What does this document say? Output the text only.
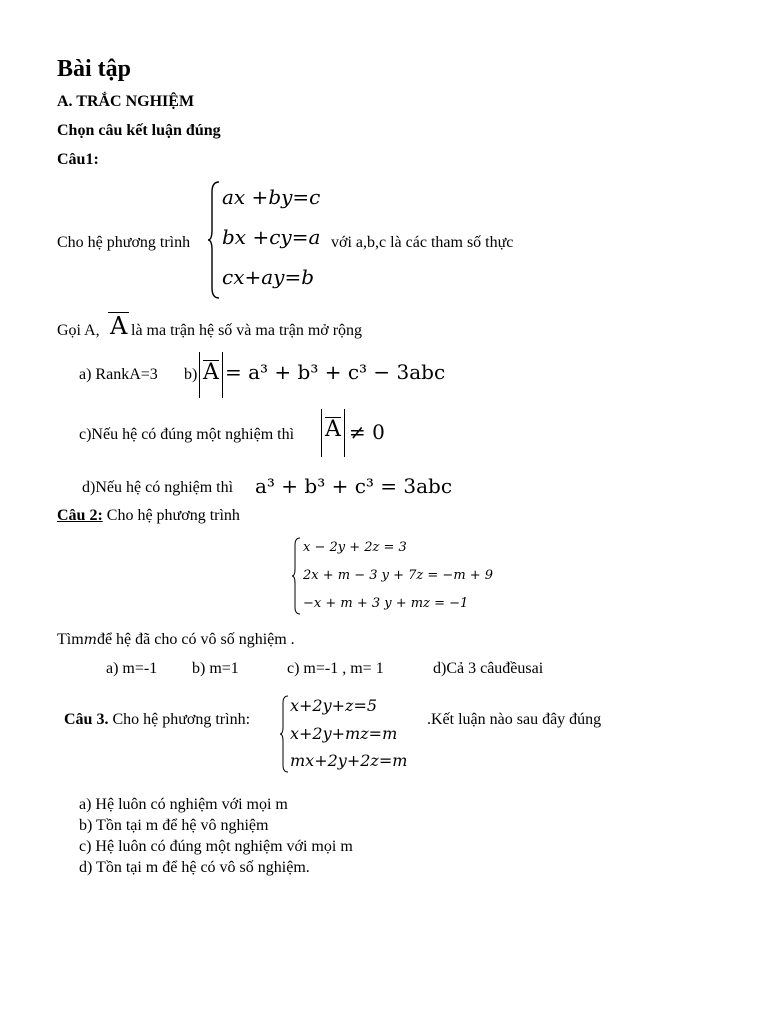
Bài tập
A. TRẮC NGHIỆM
Chọn câu kết luận đúng
Câu1:
Cho hệ phương trình
ax +by=c
bx +cy=a
cx+ay=b
với a,b,c là các tham số thực
Gọi A, A là ma trận hệ số và ma trận mở rộng
a) RankA=3 b) A = a³ + b³ + c³ − 3abc
c)Nếu hệ có đúng một nghiệm thì A ≠ 0
d)Nếu hệ có nghiệm thì a³ + b³ + c³ = 3abc
Câu 2: Cho hệ phương trình
x − 2y + 2z = 3
2x + m − 3 y + 7z = −m + 9
−x + m + 3 y + mz = −1
Tìmmđể hệ đã cho có vô số nghiệm .
a) m=-1 b) m=1	c) m=-1 , m= 1	d)Cả 3 câuđềusai
Câu 3. Cho hệ phương trình:
x+2y+z=5
x+2y+mz=m
mx+2y+2z=m
.Kết luận nào sau đây đúng
a) Hệ luôn có nghiệm với mọi m
b) Tồn tại m để hệ vô nghiệm
c) Hệ luôn có đúng một nghiệm với mọi m
d) Tồn tại m để hệ có vô số nghiệm.
